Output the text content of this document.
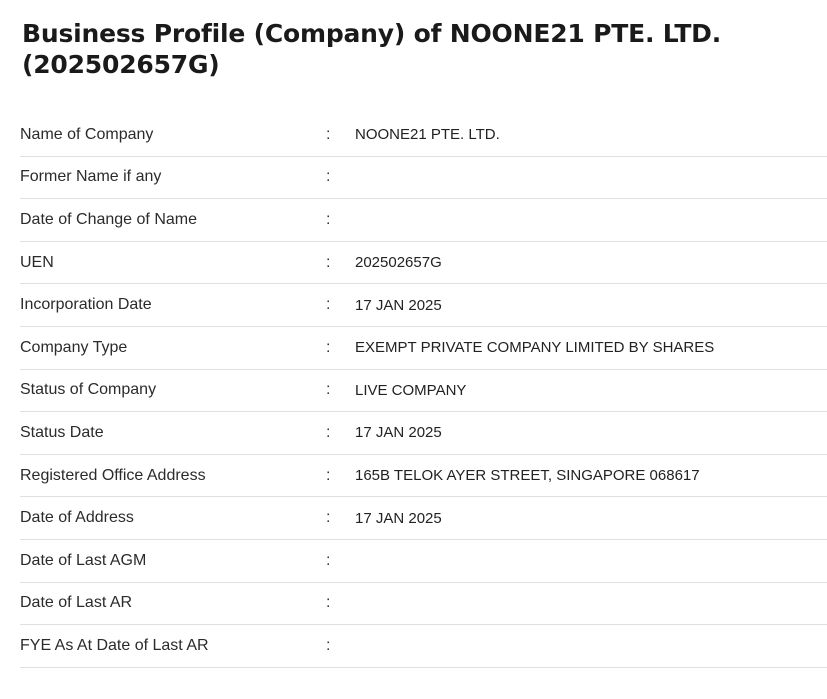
Business Profile (Company) of NOONE21 PTE. LTD. (202502657G)
Name of Company	:	NOONE21 PTE. LTD.
Former Name if any	:
Date of Change of Name	:
UEN	:	202502657G
Incorporation Date	:	17 JAN 2025
Company Type	:	EXEMPT PRIVATE COMPANY LIMITED BY SHARES
Status of Company	:	LIVE COMPANY
Status Date	:	17 JAN 2025
Registered Office Address	:	165B TELOK AYER STREET, SINGAPORE 068617
Date of Address	:	17 JAN 2025
Date of Last AGM	:
Date of Last AR	:
FYE As At Date of Last AR	:
